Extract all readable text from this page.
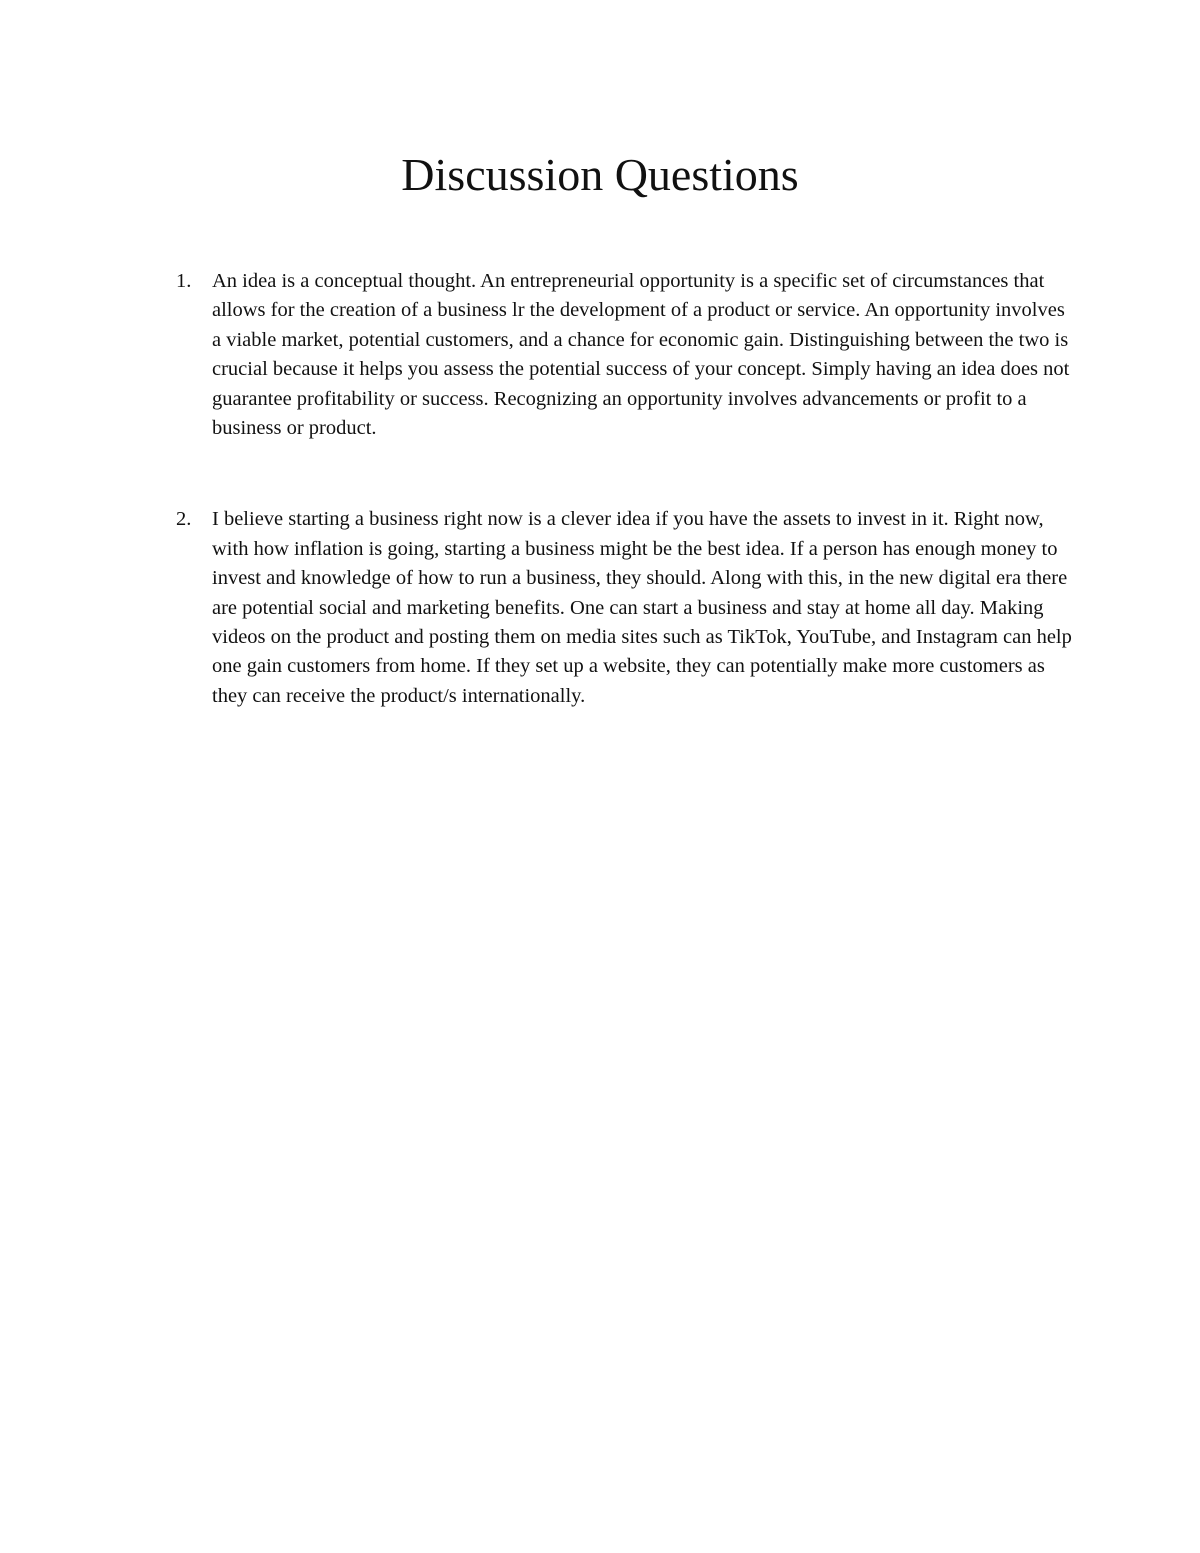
Discussion Questions
1. An idea is a conceptual thought. An entrepreneurial opportunity is a specific set of circumstances that allows for the creation of a business lr the development of a product or service. An opportunity involves a viable market, potential customers, and a chance for economic gain. Distinguishing between the two is crucial because it helps you assess the potential success of your concept. Simply having an idea does not guarantee profitability or success. Recognizing an opportunity involves advancements or profit to a business or product.
2. I believe starting a business right now is a clever idea if you have the assets to invest in it. Right now, with how inflation is going, starting a business might be the best idea. If a person has enough money to invest and knowledge of how to run a business, they should. Along with this, in the new digital era there are potential social and marketing benefits. One can start a business and stay at home all day. Making videos on the product and posting them on media sites such as TikTok, YouTube, and Instagram can help one gain customers from home. If they set up a website, they can potentially make more customers as they can receive the product/s internationally.
